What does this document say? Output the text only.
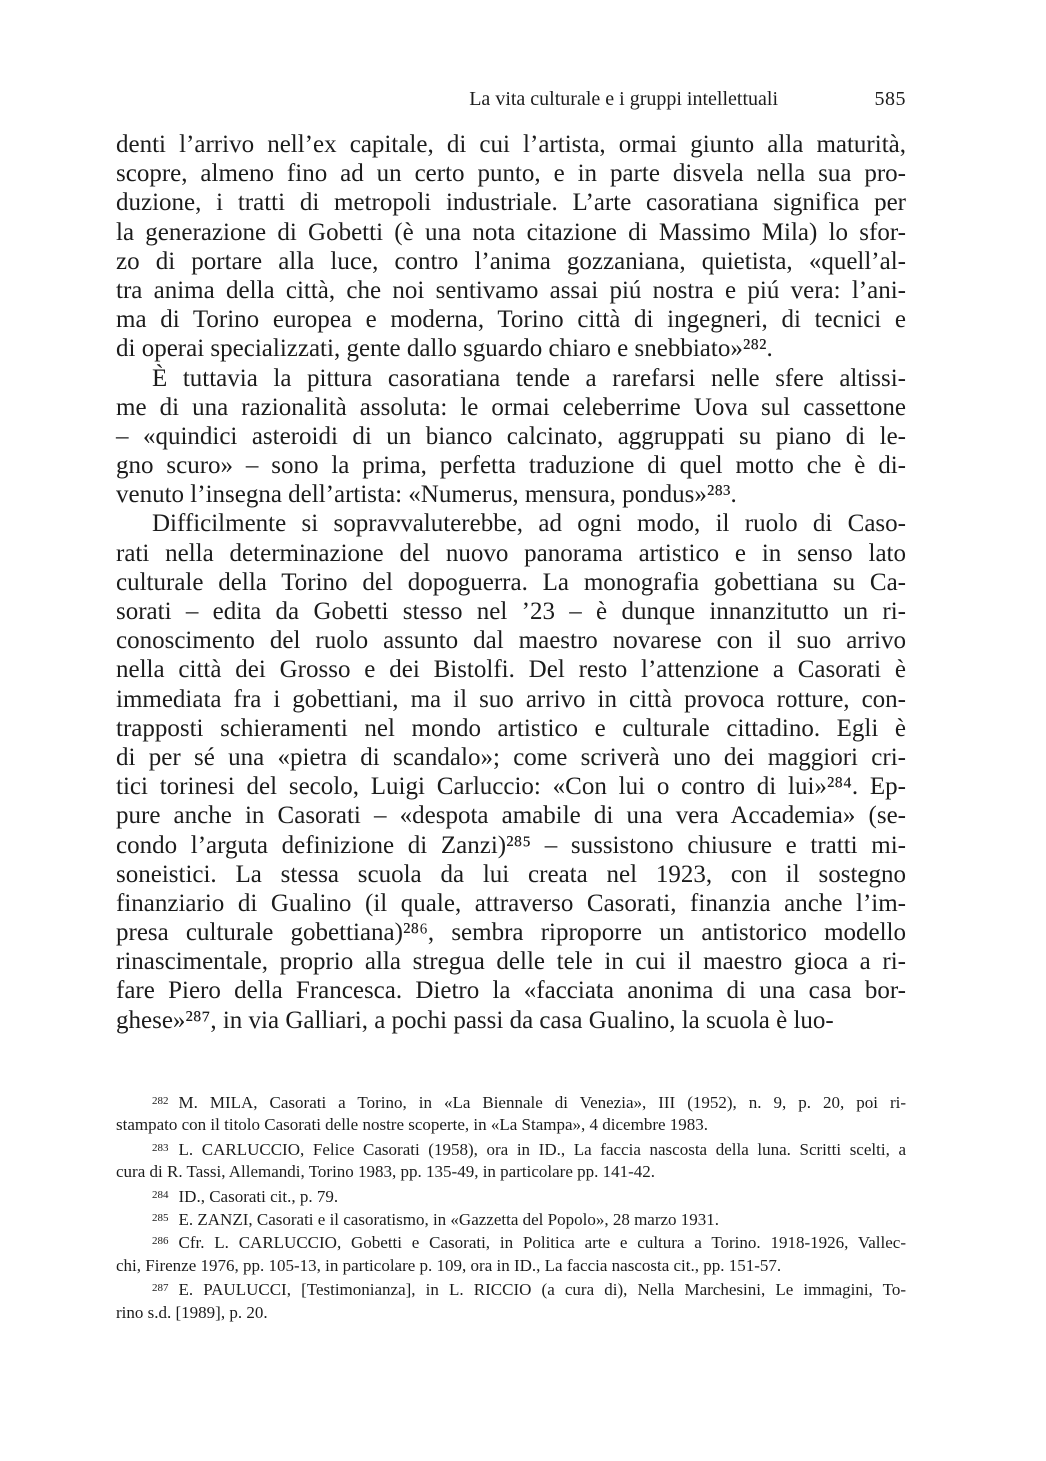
La vita culturale e i gruppi intellettuali	585
denti l’arrivo nell’ex capitale, di cui l’artista, ormai giunto alla maturità,
scopre, almeno fino ad un certo punto, e in parte disvela nella sua pro-
duzione, i tratti di metropoli industriale. L’arte casoratiana significa per
la generazione di Gobetti (è una nota citazione di Massimo Mila) lo sfor-
zo di portare alla luce, contro l’anima gozzaniana, quietista, «quell’al-
tra anima della città, che noi sentivamo assai piú nostra e piú vera: l’ani-
ma di Torino europea e moderna, Torino città di ingegneri, di tecnici e
di operai specializzati, gente dallo sguardo chiaro e snebbiato»²⁸².
È tuttavia la pittura casoratiana tende a rarefarsi nelle sfere altissi-
me di una razionalità assoluta: le ormai celeberrime Uova sul cassettone
– «quindici asteroidi di un bianco calcinato, aggruppati su piano di le-
gno scuro» – sono la prima, perfetta traduzione di quel motto che è di-
venuto l’insegna dell’artista: «Numerus, mensura, pondus»²⁸³.
Difficilmente si sopravvaluterebbe, ad ogni modo, il ruolo di Caso-
rati nella determinazione del nuovo panorama artistico e in senso lato
culturale della Torino del dopoguerra. La monografia gobettiana su Ca-
sorati – edita da Gobetti stesso nel ’23 – è dunque innanzitutto un ri-
conoscimento del ruolo assunto dal maestro novarese con il suo arrivo
nella città dei Grosso e dei Bistolfi. Del resto l’attenzione a Casorati è
immediata fra i gobettiani, ma il suo arrivo in città provoca rotture, con-
trapposti schieramenti nel mondo artistico e culturale cittadino. Egli è
di per sé una «pietra di scandalo»; come scriverà uno dei maggiori cri-
tici torinesi del secolo, Luigi Carluccio: «Con lui o contro di lui»²⁸⁴. Ep-
pure anche in Casorati – «despota amabile di una vera Accademia» (se-
condo l’arguta definizione di Zanzi)²⁸⁵ – sussistono chiusure e tratti mi-
soneistici. La stessa scuola da lui creata nel 1923, con il sostegno
finanziario di Gualino (il quale, attraverso Casorati, finanzia anche l’im-
presa culturale gobettiana)²⁸⁶, sembra riproporre un antistorico modello
rinascimentale, proprio alla stregua delle tele in cui il maestro gioca a ri-
fare Piero della Francesca. Dietro la «facciata anonima di una casa bor-
ghese»²⁸⁷, in via Galliari, a pochi passi da casa Gualino, la scuola è luo-
$^{282}$ M. MILA, Casorati a Torino, in «La Biennale di Venezia», III (1952), n. 9, p. 20, poi ri-
stampato con il titolo Casorati delle nostre scoperte, in «La Stampa», 4 dicembre 1983.
$^{283}$ L. CARLUCCIO, Felice Casorati (1958), ora in ID., La faccia nascosta della luna. Scritti scelti, a
cura di R. Tassi, Allemandi, Torino 1983, pp. 135-49, in particolare pp. 141-42.
$^{284}$ ID., Casorati cit., p. 79.
$^{285}$ E. ZANZI, Casorati e il casoratismo, in «Gazzetta del Popolo», 28 marzo 1931.
$^{286}$ Cfr. L. CARLUCCIO, Gobetti e Casorati, in Politica arte e cultura a Torino. 1918-1926, Vallec-
chi, Firenze 1976, pp. 105-13, in particolare p. 109, ora in ID., La faccia nascosta cit., pp. 151-57.
$^{287}$ E. PAULUCCI, [Testimonianza], in L. RICCIO (a cura di), Nella Marchesini, Le immagini, To-
rino s.d. [1989], p. 20.
